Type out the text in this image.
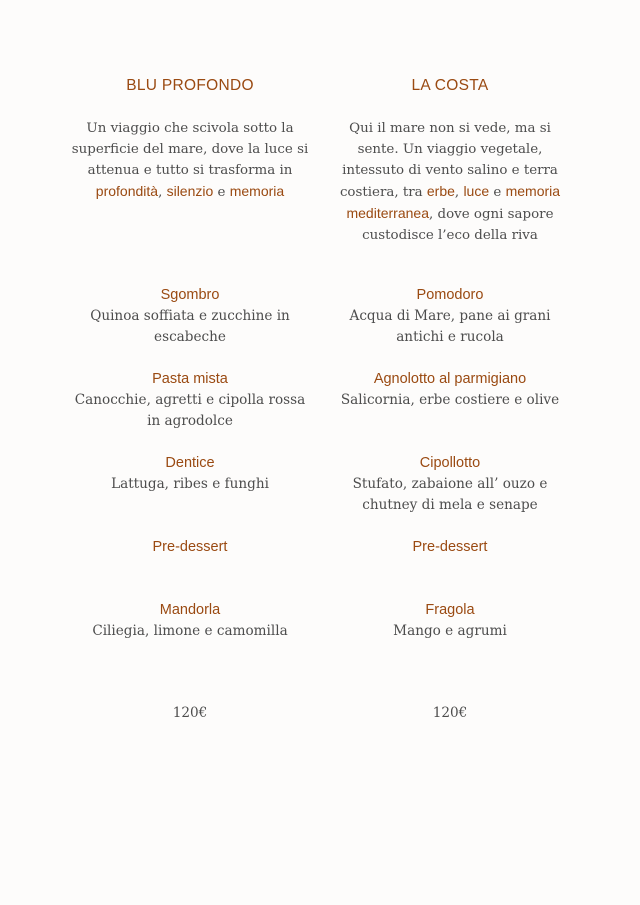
BLU PROFONDO
Un viaggio che scivola sotto la superficie del mare, dove la luce si attenua e tutto si trasforma in profondità, silenzio e memoria
Sgombro
Quinoa soffiata e zucchine in escabeche
Pasta mista
Canocchie, agretti e cipolla rossa in agrodolce
Dentice
Lattuga, ribes e funghi
Pre-dessert
Mandorla
Ciliegia, limone e camomilla
120€
LA COSTA
Qui il mare non si vede, ma si sente. Un viaggio vegetale, intessuto di vento salino e terra costiera, tra erbe, luce e memoria mediterranea, dove ogni sapore custodisce l’eco della riva
Pomodoro
Acqua di Mare, pane ai grani antichi e rucola
Agnolotto al parmigiano
Salicornia, erbe costiere e olive
Cipollotto
Stufato, zabaione all’ ouzo e chutney di mela e senape
Pre-dessert
Fragola
Mango e agrumi
120€
